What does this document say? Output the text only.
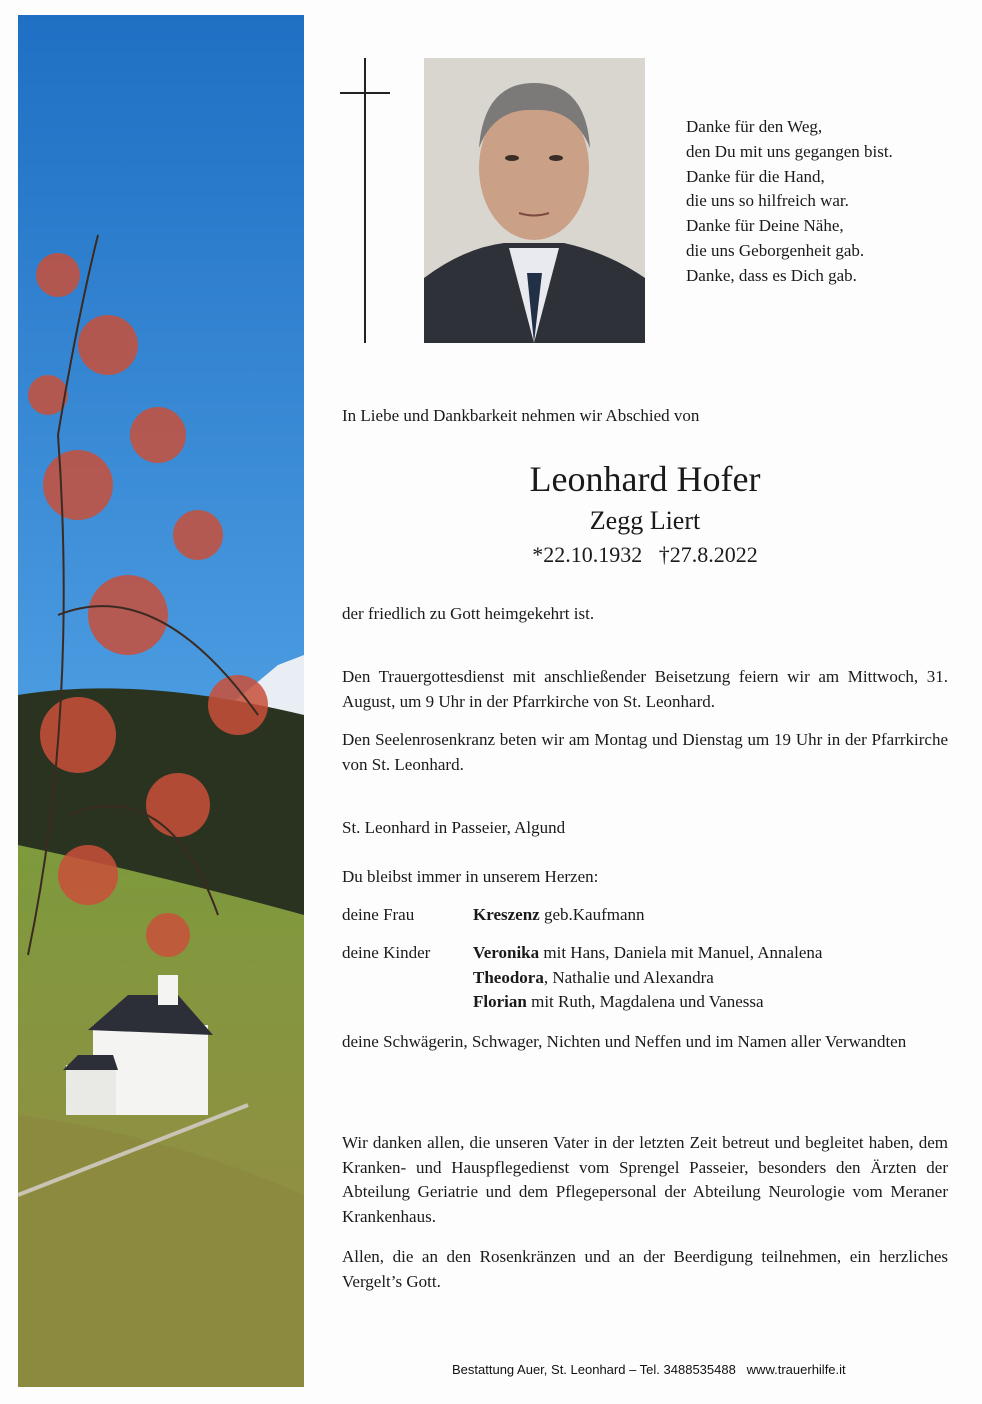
Danke für den Weg,
den Du mit uns gegangen bist.
Danke für die Hand,
die uns so hilfreich war.
Danke für Deine Nähe,
die uns Geborgenheit gab.
Danke, dass es Dich gab.
In Liebe und Dankbarkeit nehmen wir Abschied von
Leonhard Hofer
Zegg Liert
*22.10.1932 †27.8.2022
der friedlich zu Gott heimgekehrt ist.
Den Trauergottesdienst mit anschließender Beisetzung feiern wir am Mittwoch, 31. August, um 9 Uhr in der Pfarrkirche von St. Leonhard.
Den Seelenrosenkranz beten wir am Montag und Dienstag um 19 Uhr in der Pfarrkirche von St. Leonhard.
St. Leonhard in Passeier, Algund
Du bleibst immer in unserem Herzen:
deine Frau	Kreszenz geb.Kaufmann
deine Kinder	Veronika mit Hans, Daniela mit Manuel, Annalena
Theodora, Nathalie und Alexandra
Florian mit Ruth, Magdalena und Vanessa
deine Schwägerin, Schwager, Nichten und Neffen und im Namen aller Verwandten
Wir danken allen, die unseren Vater in der letzten Zeit betreut und begleitet haben, dem Kranken- und Hauspflegedienst vom Sprengel Passeier, besonders den Ärzten der Abteilung Geriatrie und dem Pflegepersonal der Abteilung Neurologie vom Meraner Krankenhaus.
Allen, die an den Rosenkränzen und an der Beerdigung teilnehmen, ein herzliches Vergelt’s Gott.
Bestattung Auer, St. Leonhard – Tel. 3488535488 www.trauerhilfe.it
